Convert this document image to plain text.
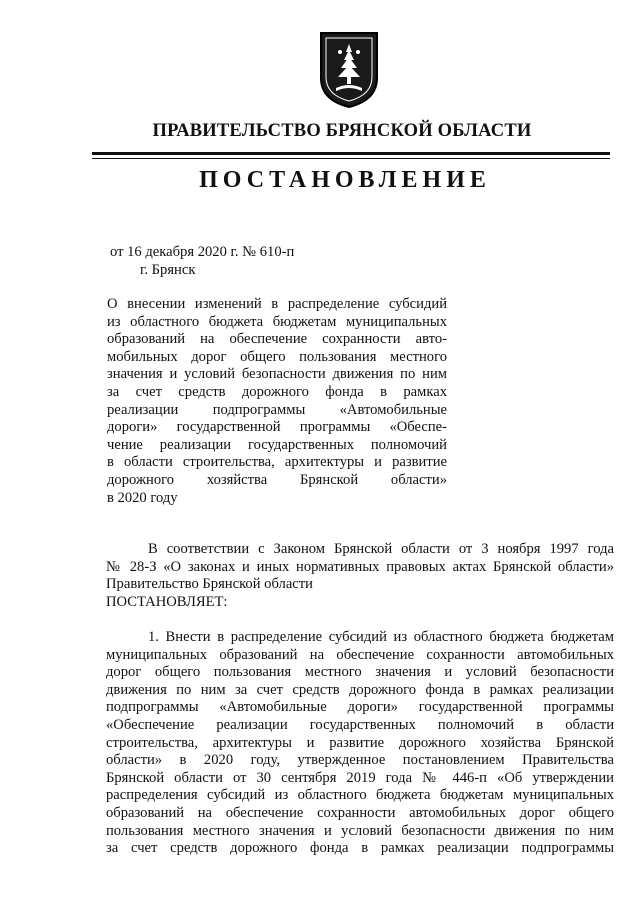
ПРАВИТЕЛЬСТВО БРЯНСКОЙ ОБЛАСТИ
ПОСТАНОВЛЕНИЕ
от 16 декабря 2020 г. № 610-п
г. Брянск
О внесении изменений в распределение субсидий
из областного бюджета бюджетам муниципальных
образований на обеспечение сохранности авто-
мобильных дорог общего пользования местного
значения и условий безопасности движения по ним
за счет средств дорожного фонда в рамках
реализации подпрограммы «Автомобильные
дороги» государственной программы «Обеспе-
чение реализации государственных полномочий
в области строительства, архитектуры и развитие
дорожного хозяйства Брянской области»
в 2020 году
В соответствии с Законом Брянской области от 3 ноября 1997 года
№ 28-З «О законах и иных нормативных правовых актах Брянской области»
Правительство Брянской области
ПОСТАНОВЛЯЕТ:
1. Внести в распределение субсидий из областного бюджета бюджетам
муниципальных образований на обеспечение сохранности автомобильных
дорог общего пользования местного значения и условий безопасности
движения по ним за счет средств дорожного фонда в рамках реализации
подпрограммы «Автомобильные дороги» государственной программы
«Обеспечение реализации государственных полномочий в области
строительства, архитектуры и развитие дорожного хозяйства Брянской
области» в 2020 году, утвержденное постановлением Правительства
Брянской области от 30 сентября 2019 года № 446-п «Об утверждении
распределения субсидий из областного бюджета бюджетам муниципальных
образований на обеспечение сохранности автомобильных дорог общего
пользования местного значения и условий безопасности движения по ним
за счет средств дорожного фонда в рамках реализации подпрограммы
